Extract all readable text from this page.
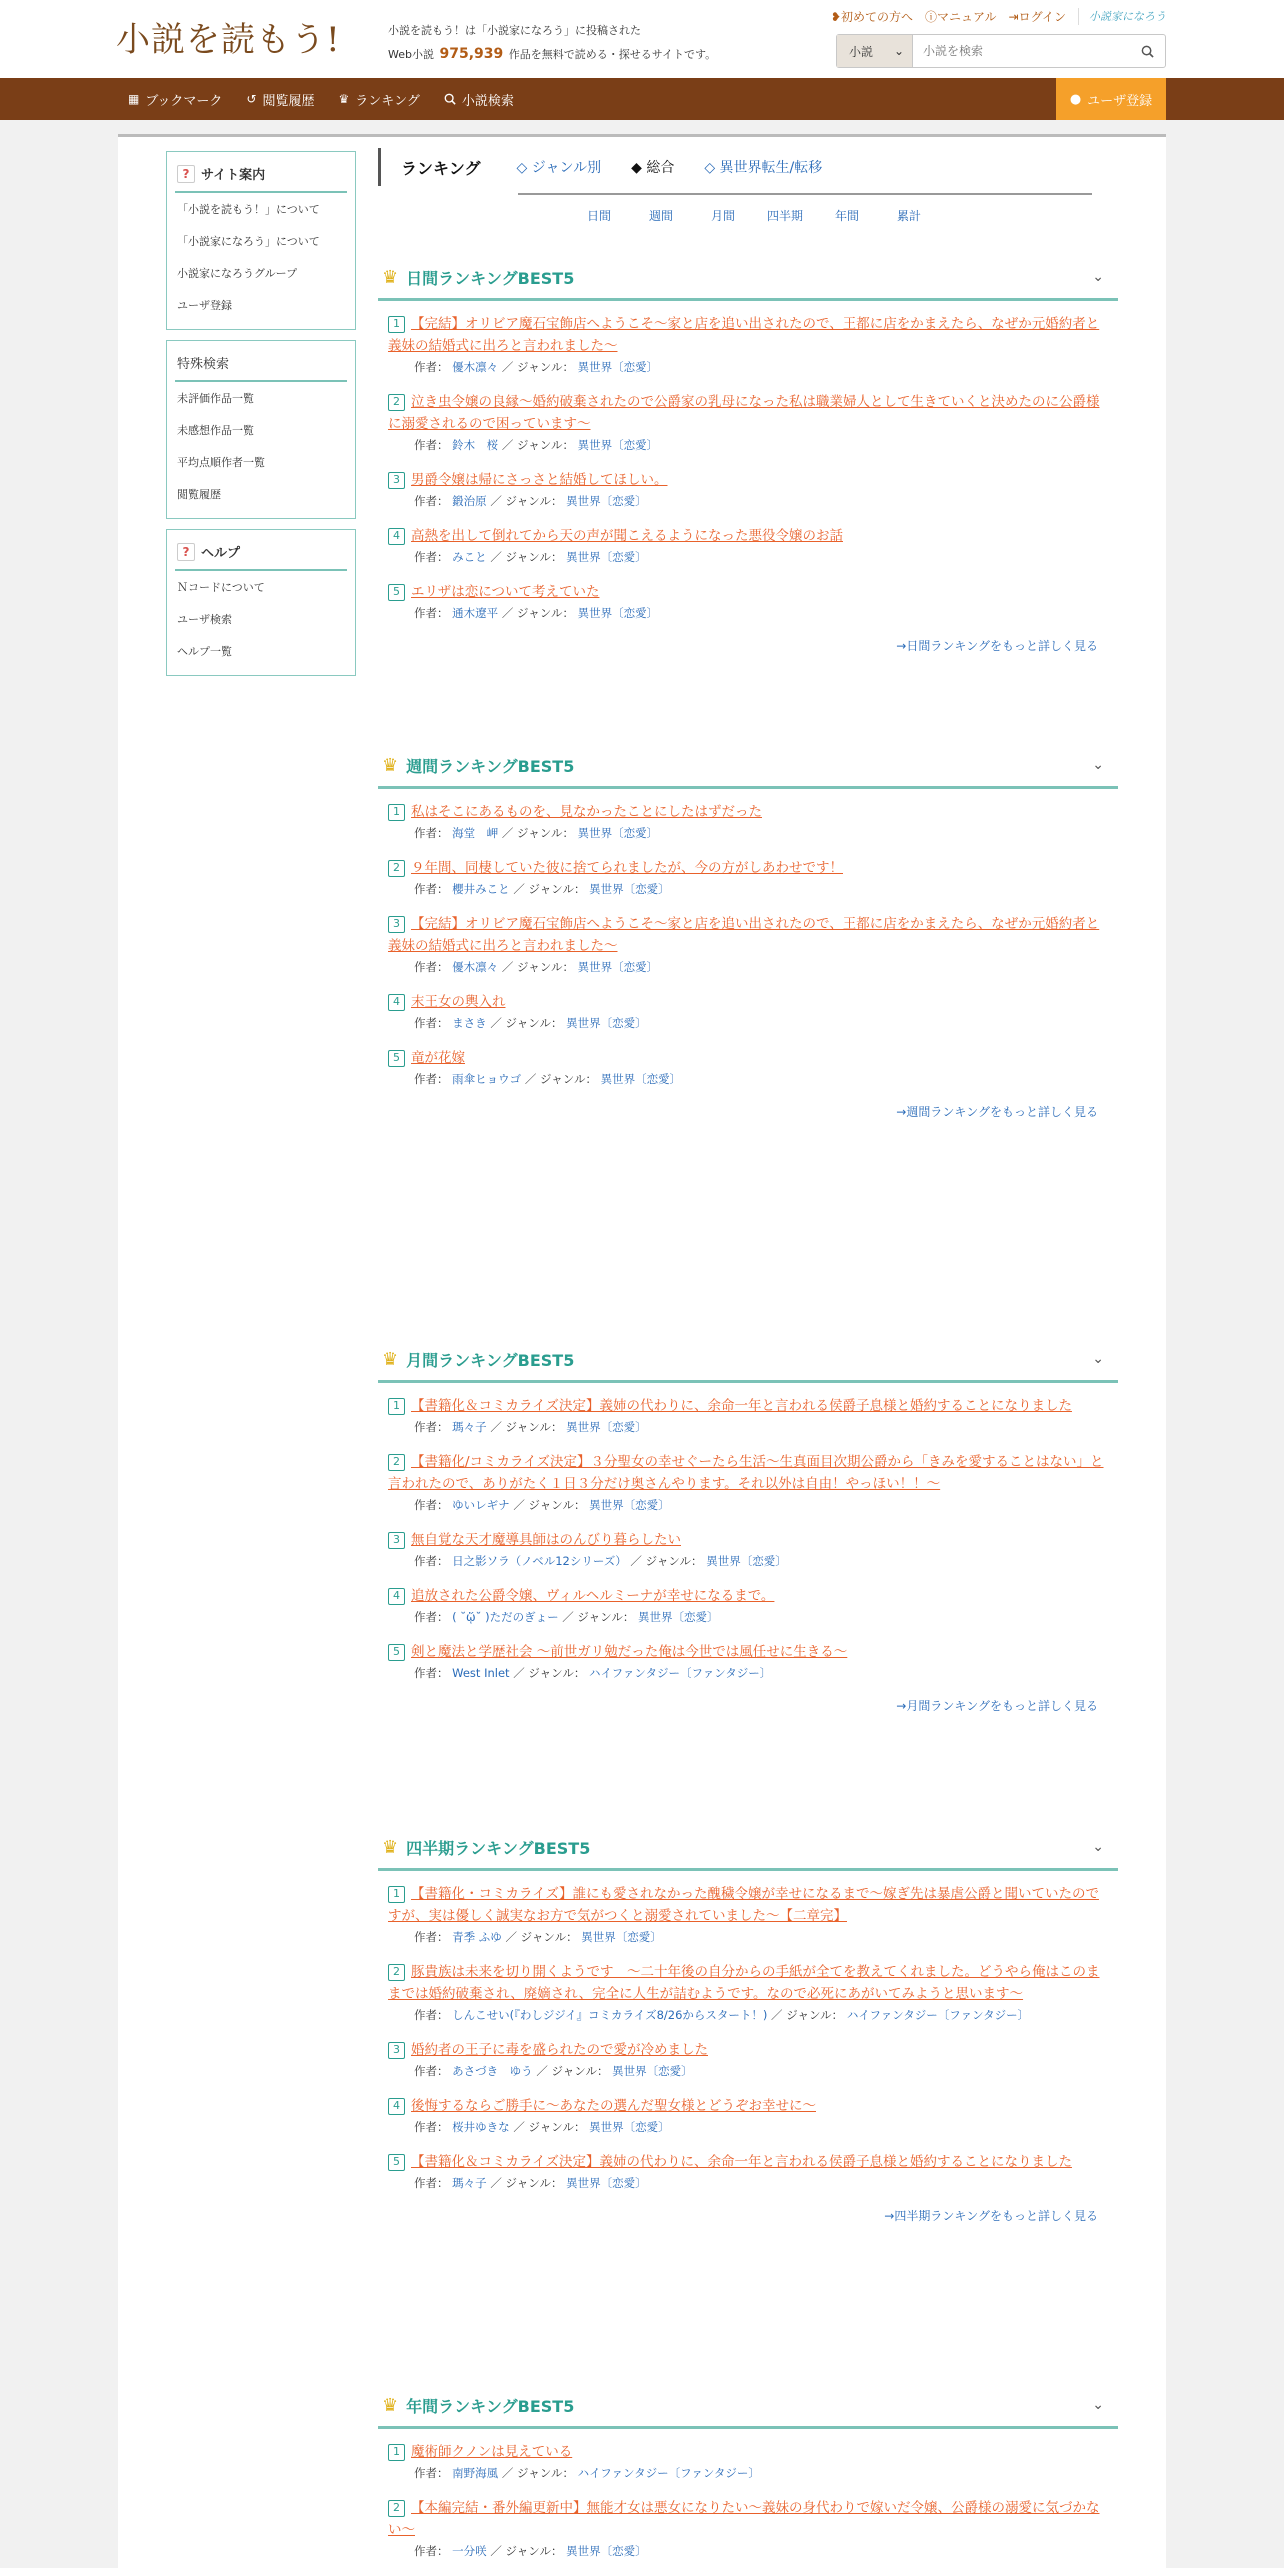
小説を読もう!	小説を読もう！は「小説家になろう」に投稿された
Web小説 975,939 作品を無料で読める・探せるサイトです。
❥初めての方へ ⓘマニュアル ⇥ログイン	小説家になろう
小説 ⌄
小説を検索
▦ ブックマーク ↺ 閲覧履歴 ♛ ランキング	小説検索	● ユーザ登録
? サイト案内
「小説を読もう！」について
「小説家になろう」について
小説家になろうグループ
ユーザ登録
特殊検索
未評価作品一覧
未感想作品一覧
平均点順作者一覧
閲覧履歴
? ヘルプ
Ｎコードについて
ユーザ検索
ヘルプ一覧
ランキング	◇ ジャンル別 ◆ 総合 ◇ 異世界転生/転移
日間	週間	月間	四半期	年間	累計
♛ 日間ランキングBEST5	⌄
1 【完結】オリビア魔石宝飾店へようこそ～家と店を追い出されたので、王都に店をかまえたら、なぜか元婚約者と義妹の結婚式に出ろと言われました～
作者： 優木凛々 ／ ジャンル： 異世界〔恋愛〕
2 泣き虫令嬢の良縁～婚約破棄されたので公爵家の乳母になった私は職業婦人として生きていくと決めたのに公爵様に溺愛されるので困っています～
作者： 鈴木　桜 ／ ジャンル： 異世界〔恋愛〕
3 男爵令嬢は帰にさっさと結婚してほしい。
作者： 鍛治原 ／ ジャンル： 異世界〔恋愛〕
4 高熱を出して倒れてから天の声が聞こえるようになった悪役令嬢のお話
作者： みこと ／ ジャンル： 異世界〔恋愛〕
5 エリザは恋について考えていた
作者： 通木遼平 ／ ジャンル： 異世界〔恋愛〕
→日間ランキングをもっと詳しく見る
♛ 週間ランキングBEST5	⌄
1 私はそこにあるものを、見なかったことにしたはずだった
作者： 海堂　岬 ／ ジャンル： 異世界〔恋愛〕
2 ９年間、同棲していた彼に捨てられましたが、今の方がしあわせです！
作者： 櫻井みこと ／ ジャンル： 異世界〔恋愛〕
3 【完結】オリビア魔石宝飾店へようこそ～家と店を追い出されたので、王都に店をかまえたら、なぜか元婚約者と義妹の結婚式に出ろと言われました～
作者： 優木凛々 ／ ジャンル： 異世界〔恋愛〕
4 末王女の輿入れ
作者： まさき ／ ジャンル： 異世界〔恋愛〕
5 竜が花嫁
作者： 雨傘ヒョウゴ ／ ジャンル： 異世界〔恋愛〕
→週間ランキングをもっと詳しく見る
♛ 月間ランキングBEST5	⌄
1 【書籍化＆コミカライズ決定】義姉の代わりに、余命一年と言われる侯爵子息様と婚約することになりました
作者： 瑪々子 ／ ジャンル： 異世界〔恋愛〕
2 【書籍化/コミカライズ決定】３分聖女の幸せぐーたら生活～生真面目次期公爵から「きみを愛することはない」と言われたので、ありがたく１日３分だけ奥さんやります。それ以外は自由！やっほい！！～
作者： ゆいレギナ ／ ジャンル： 異世界〔恋愛〕
3 無自覚な天才魔導具師はのんびり暮らしたい
作者： 日之影ソラ（ノベル12シリーズ） ／ ジャンル： 異世界〔恋愛〕
4 追放された公爵令嬢、ヴィルヘルミーナが幸せになるまで。
作者： ( ˘ᾥ˘ )ただのぎょー ／ ジャンル： 異世界〔恋愛〕
5 剣と魔法と学歴社会 ～前世ガリ勉だった俺は今世では風任せに生きる～
作者： West Inlet ／ ジャンル： ハイファンタジー〔ファンタジー〕
→月間ランキングをもっと詳しく見る
♛ 四半期ランキングBEST5	⌄
1 【書籍化・コミカライズ】誰にも愛されなかった醜穢令嬢が幸せになるまで～嫁ぎ先は暴虐公爵と聞いていたのですが、実は優しく誠実なお方で気がつくと溺愛されていました～【二章完】
作者： 青季 ふゆ ／ ジャンル： 異世界〔恋愛〕
2 豚貴族は未来を切り開くようです　～二十年後の自分からの手紙が全てを教えてくれました。どうやら俺はこのままでは婚約破棄され、廃嫡され、完全に人生が詰むようです。なので必死にあがいてみようと思います～
作者： しんこせい(『わしジジイ』コミカライズ8/26からスタート！) ／ ジャンル： ハイファンタジー〔ファンタジー〕
3 婚約者の王子に毒を盛られたので愛が冷めました
作者： あさづき　ゆう ／ ジャンル： 異世界〔恋愛〕
4 後悔するならご勝手に～あなたの選んだ聖女様とどうぞお幸せに～
作者： 桜井ゆきな ／ ジャンル： 異世界〔恋愛〕
5 【書籍化＆コミカライズ決定】義姉の代わりに、余命一年と言われる侯爵子息様と婚約することになりました
作者： 瑪々子 ／ ジャンル： 異世界〔恋愛〕
→四半期ランキングをもっと詳しく見る
♛ 年間ランキングBEST5	⌄
1 魔術師クノンは見えている
作者： 南野海風 ／ ジャンル： ハイファンタジー〔ファンタジー〕
2 【本編完結・番外編更新中】無能才女は悪女になりたい～義妹の身代わりで嫁いだ令嬢、公爵様の溺愛に気づかない～
作者： 一分咲 ／ ジャンル： 異世界〔恋愛〕
